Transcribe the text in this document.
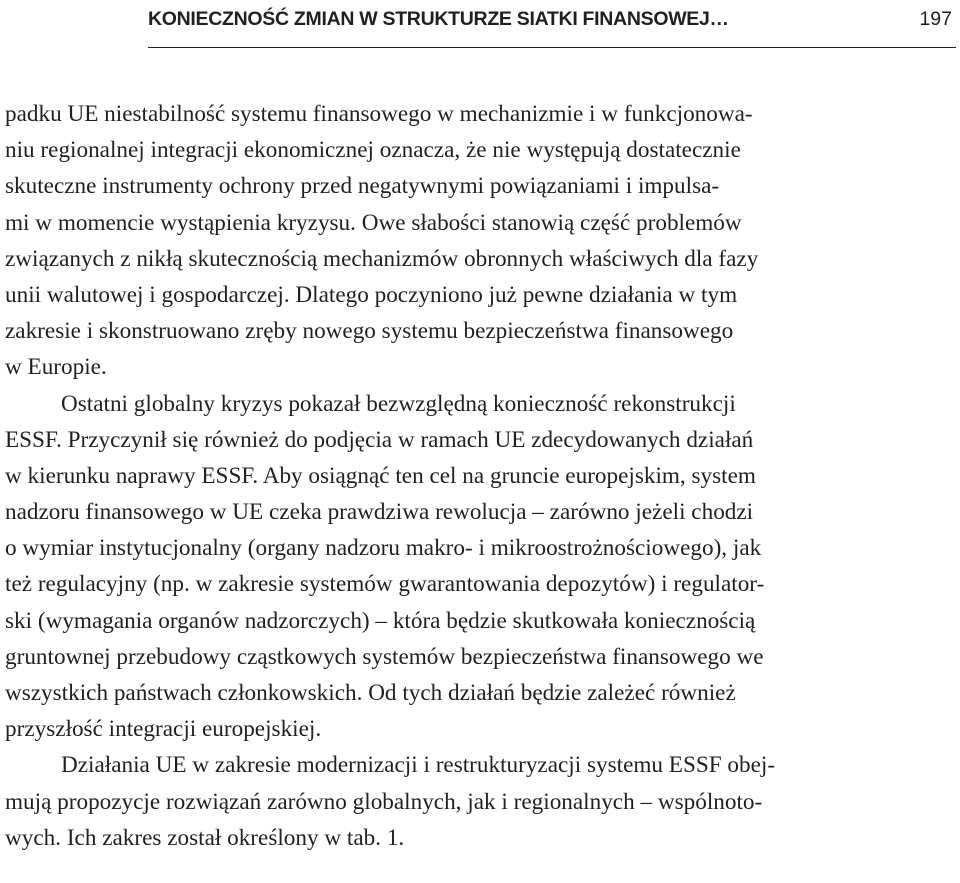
KONIECZNOŚĆ ZMIAN W STRUKTURZE SIATKI FINANSOWEJ…	197
padku UE niestabilność systemu finansowego w mechanizmie i w funkcjonowa-
niu regionalnej integracji ekonomicznej oznacza, że nie występują dostatecznie
skuteczne instrumenty ochrony przed negatywnymi powiązaniami i impulsa-
mi w momencie wystąpienia kryzysu. Owe słabości stanowią część problemów
związanych z nikłą skutecznością mechanizmów obronnych właściwych dla fazy
unii walutowej i gospodarczej. Dlatego poczyniono już pewne działania w tym
zakresie i skonstruowano zręby nowego systemu bezpieczeństwa finansowego
w Europie.
Ostatni globalny kryzys pokazał bezwzględną konieczność rekonstrukcji
ESSF. Przyczynił się również do podjęcia w ramach UE zdecydowanych działań
w kierunku naprawy ESSF. Aby osiągnąć ten cel na gruncie europejskim, system
nadzoru finansowego w UE czeka prawdziwa rewolucja – zarówno jeżeli chodzi
o wymiar instytucjonalny (organy nadzoru makro- i mikroostrożnościowego), jak
też regulacyjny (np. w zakresie systemów gwarantowania depozytów) i regulator-
ski (wymagania organów nadzorczych) – która będzie skutkowała koniecznością
gruntownej przebudowy cząstkowych systemów bezpieczeństwa finansowego we
wszystkich państwach członkowskich. Od tych działań będzie zależeć również
przyszłość integracji europejskiej.
Działania UE w zakresie modernizacji i restrukturyzacji systemu ESSF obej-
mują propozycje rozwiązań zarówno globalnych, jak i regionalnych – wspólnoto-
wych. Ich zakres został określony w tab. 1.
